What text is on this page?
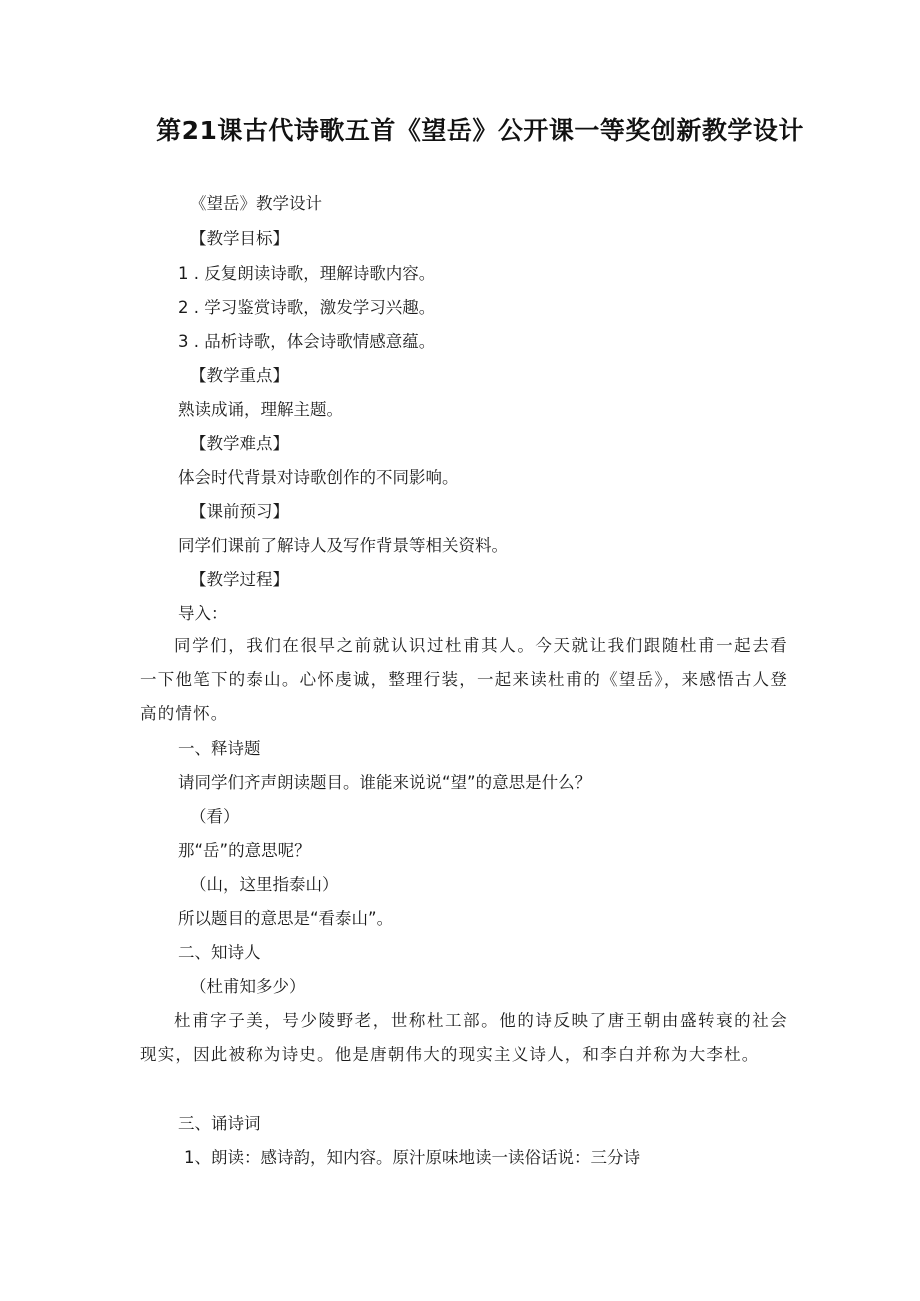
第21课古代诗歌五首《望岳》公开课一等奖创新教学设计
《望岳》教学设计
【教学目标】
1 . 反复朗读诗歌，理解诗歌内容。
2 . 学习鉴赏诗歌，激发学习兴趣。
3 . 品析诗歌，体会诗歌情感意蕴。
【教学重点】
熟读成诵，理解主题。
【教学难点】
体会时代背景对诗歌创作的不同影响。
【课前预习】
同学们课前了解诗人及写作背景等相关资料。
【教学过程】
导入：
同学们，我们在很早之前就认识过杜甫其人。今天就让我们跟随杜甫一起去看一下他笔下的泰山。心怀虔诚，整理行装，一起来读杜甫的《望岳》，来感悟古人登高的情怀。
一、释诗题
请同学们齐声朗读题目。谁能来说说“望”的意思是什么？
（看）
那“岳”的意思呢？
（山，这里指泰山）
所以题目的意思是“看泰山”。
二、知诗人
（杜甫知多少）
杜甫字子美，号少陵野老，世称杜工部。他的诗反映了唐王朝由盛转衰的社会现实，因此被称为诗史。他是唐朝伟大的现实主义诗人，和李白并称为大李杜。
三、诵诗词
1、朗读：感诗韵，知内容。原汁原味地读一读俗话说：三分诗
